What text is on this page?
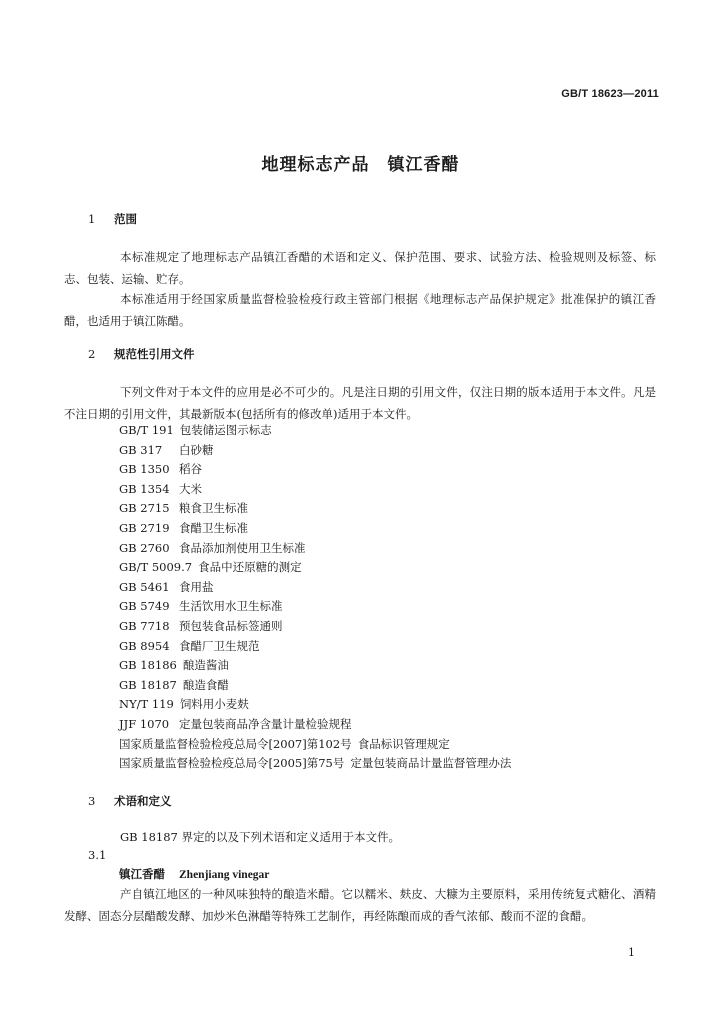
GB/T 18623—2011
地理标志产品　镇江香醋
1 范围
本标准规定了地理标志产品镇江香醋的术语和定义、保护范围、要求、试验方法、检验规则及标签、标志、包装、运输、贮存。
本标准适用于经国家质量监督检验检疫行政主管部门根据《地理标志产品保护规定》批准保护的镇江香醋，也适用于镇江陈醋。
2 规范性引用文件
下列文件对于本文件的应用是必不可少的。凡是注日期的引用文件，仅注日期的版本适用于本文件。凡是不注日期的引用文件，其最新版本(包括所有的修改单)适用于本文件。
GB/T 191 包装储运图示标志
GB 317 白砂糖
GB 1350 稻谷
GB 1354 大米
GB 2715 粮食卫生标准
GB 2719 食醋卫生标准
GB 2760 食品添加剂使用卫生标准
GB/T 5009.7 食品中还原糖的测定
GB 5461 食用盐
GB 5749 生活饮用水卫生标准
GB 7718 预包装食品标签通则
GB 8954 食醋厂卫生规范
GB 18186 酿造酱油
GB 18187 酿造食醋
NY/T 119 饲料用小麦麸
JJF 1070 定量包装商品净含量计量检验规程
国家质量监督检验检疫总局令[2007]第102号 食品标识管理规定
国家质量监督检验检疫总局令[2005]第75号 定量包装商品计量监督管理办法
3 术语和定义
GB 18187 界定的以及下列术语和定义适用于本文件。
3.1
镇江香醋 Zhenjiang vinegar
产自镇江地区的一种风味独特的酿造米醋。它以糯米、麸皮、大糠为主要原料，采用传统复式糖化、酒精发酵、固态分层醋酸发酵、加炒米色淋醋等特殊工艺制作，再经陈酿而成的香气浓郁、酸而不涩的食醋。
1
